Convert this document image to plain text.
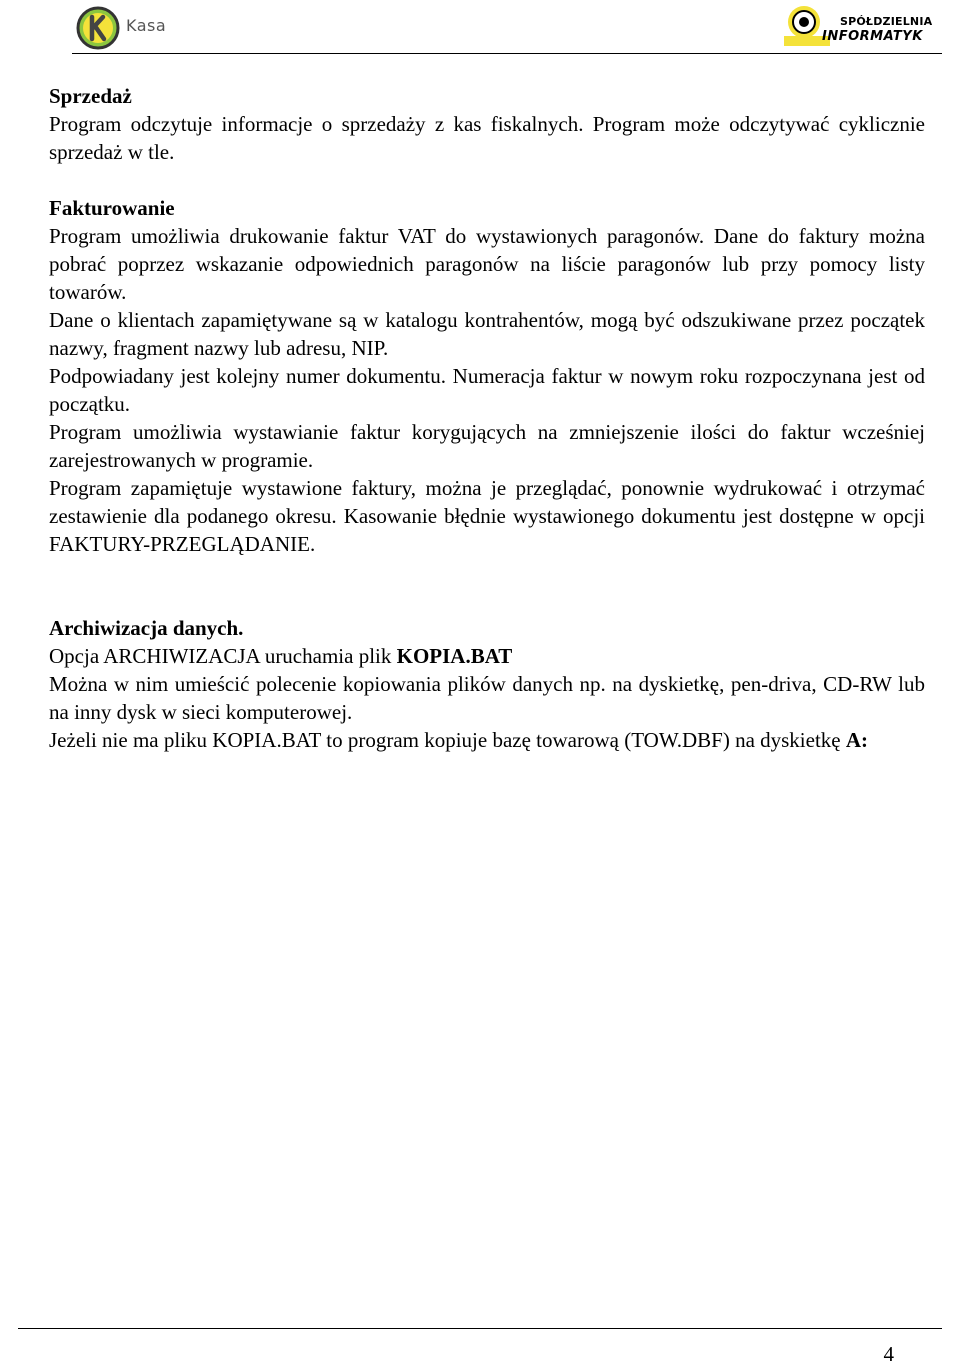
Kasa	SPÓŁDZIELNIA
INFORMATYK
Sprzedaż

Program odczytuje informacje o sprzedaży z kas fiskalnych. Program może odczytywać cyklicznie sprzedaż w tle.

Fakturowanie

Program umożliwia drukowanie faktur VAT do wystawionych paragonów. Dane do faktury można pobrać poprzez wskazanie odpowiednich paragonów na liście paragonów lub przy pomocy listy towarów.

Dane o klientach zapamiętywane są w katalogu kontrahentów, mogą być odszukiwane przez początek nazwy, fragment nazwy lub adresu, NIP.

Podpowiadany jest kolejny numer dokumentu. Numeracja faktur w nowym roku rozpoczynana jest od początku.

Program umożliwia wystawianie faktur korygujących na zmniejszenie ilości do faktur wcześniej zarejestrowanych w programie.

Program zapamiętuje wystawione faktury, można je przeglądać, ponownie wydrukować i otrzymać zestawienie dla podanego okresu. Kasowanie błędnie wystawionego dokumentu jest dostępne w opcji FAKTURY-PRZEGLĄDANIE.

Archiwizacja danych.

Opcja ARCHIWIZACJA uruchamia plik KOPIA.BAT

Można w nim umieścić polecenie kopiowania plików danych np. na dyskietkę, pen-driva, CD-RW lub na inny dysk w sieci komputerowej.

Jeżeli nie ma pliku KOPIA.BAT to program kopiuje bazę towarową (TOW.DBF) na dyskietkę A:

4
